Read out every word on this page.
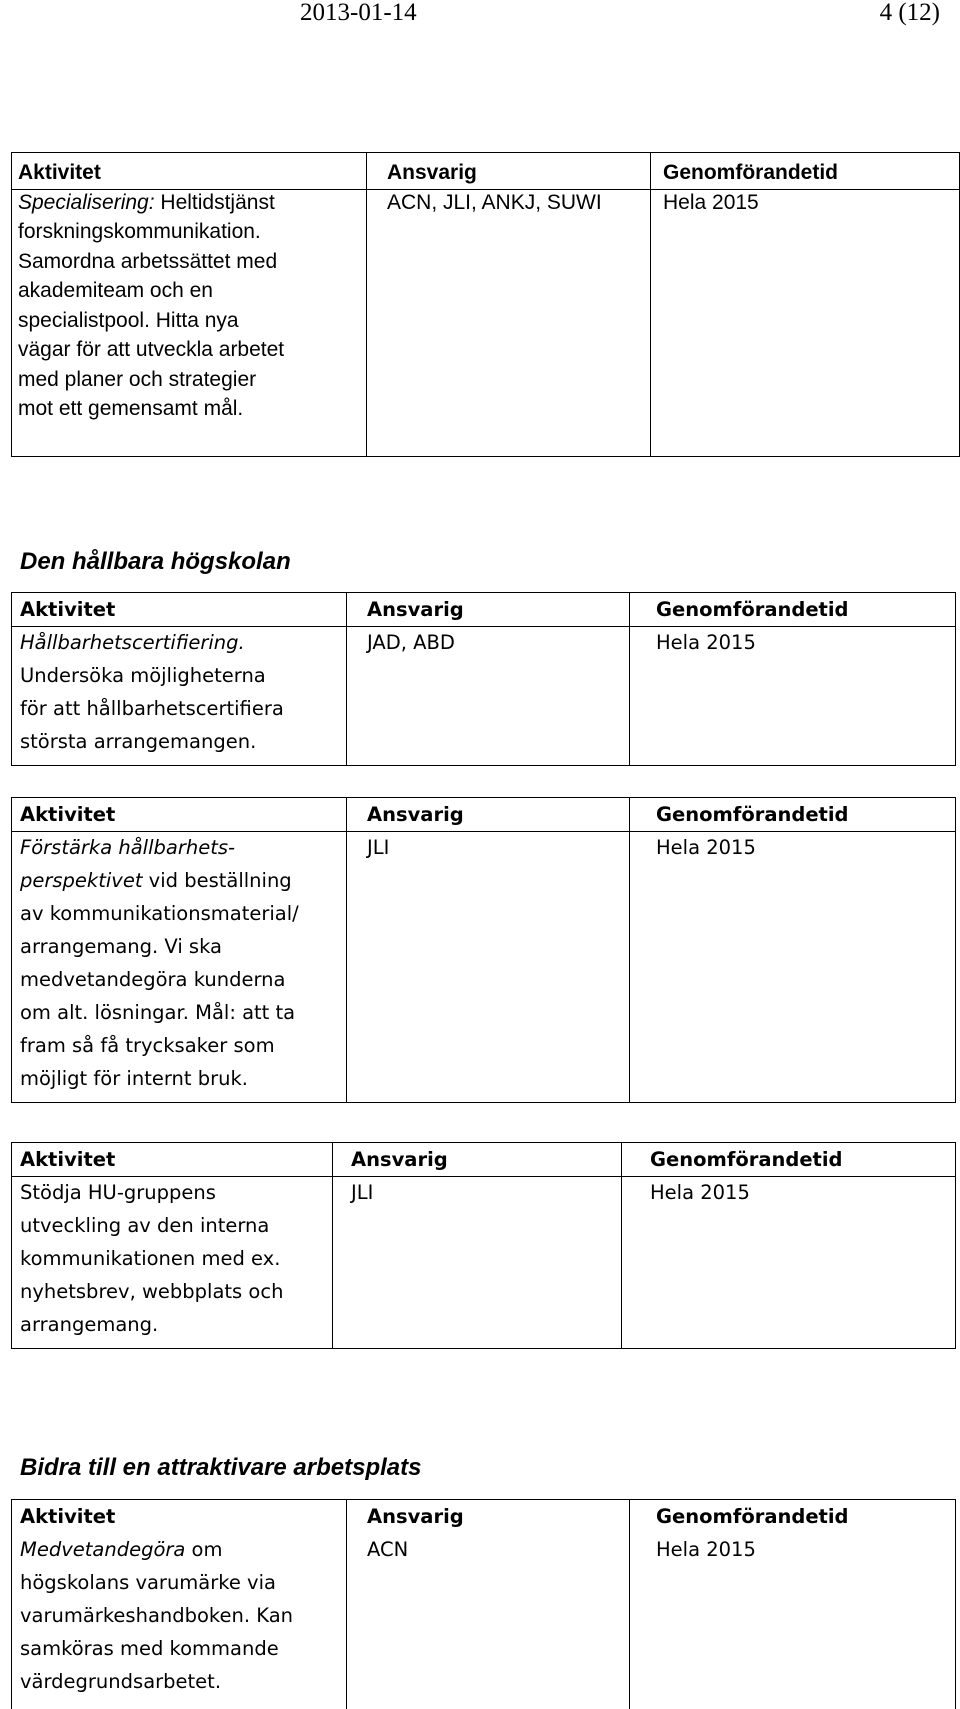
2013-01-14	4 (12)
Aktivitet
Specialisering: Heltidstjänst
forskningskommunikation.
Samordna arbetssättet med
akademiteam och en
specialistpool. Hitta nya
vägar för att utveckla arbetet
med planer och strategier
mot ett gemensamt mål.
Ansvarig
ACN, JLI, ANKJ, SUWI
Genomförandetid
Hela 2015
Den hållbara högskolan
Aktivitet
Hållbarhetscertifiering.
Undersöka möjligheterna
för att hållbarhetscertifiera
största arrangemangen.
Ansvarig
JAD, ABD
Genomförandetid
Hela 2015
Aktivitet
Förstärka hållbarhets-
perspektivet vid beställning
av kommunikationsmaterial/
arrangemang. Vi ska
medvetandegöra kunderna
om alt. lösningar. Mål: att ta
fram så få trycksaker som
möjligt för internt bruk.
Ansvarig
JLI
Genomförandetid
Hela 2015
Aktivitet
Stödja HU-gruppens
utveckling av den interna
kommunikationen med ex.
nyhetsbrev, webbplats och
arrangemang.
Ansvarig
JLI
Genomförandetid
Hela 2015
Bidra till en attraktivare arbetsplats
Aktivitet
Medvetandegöra om
högskolans varumärke via
varumärkeshandboken. Kan
samköras med kommande
värdegrundsarbetet.
Ansvarig
ACN
Genomförandetid
Hela 2015
